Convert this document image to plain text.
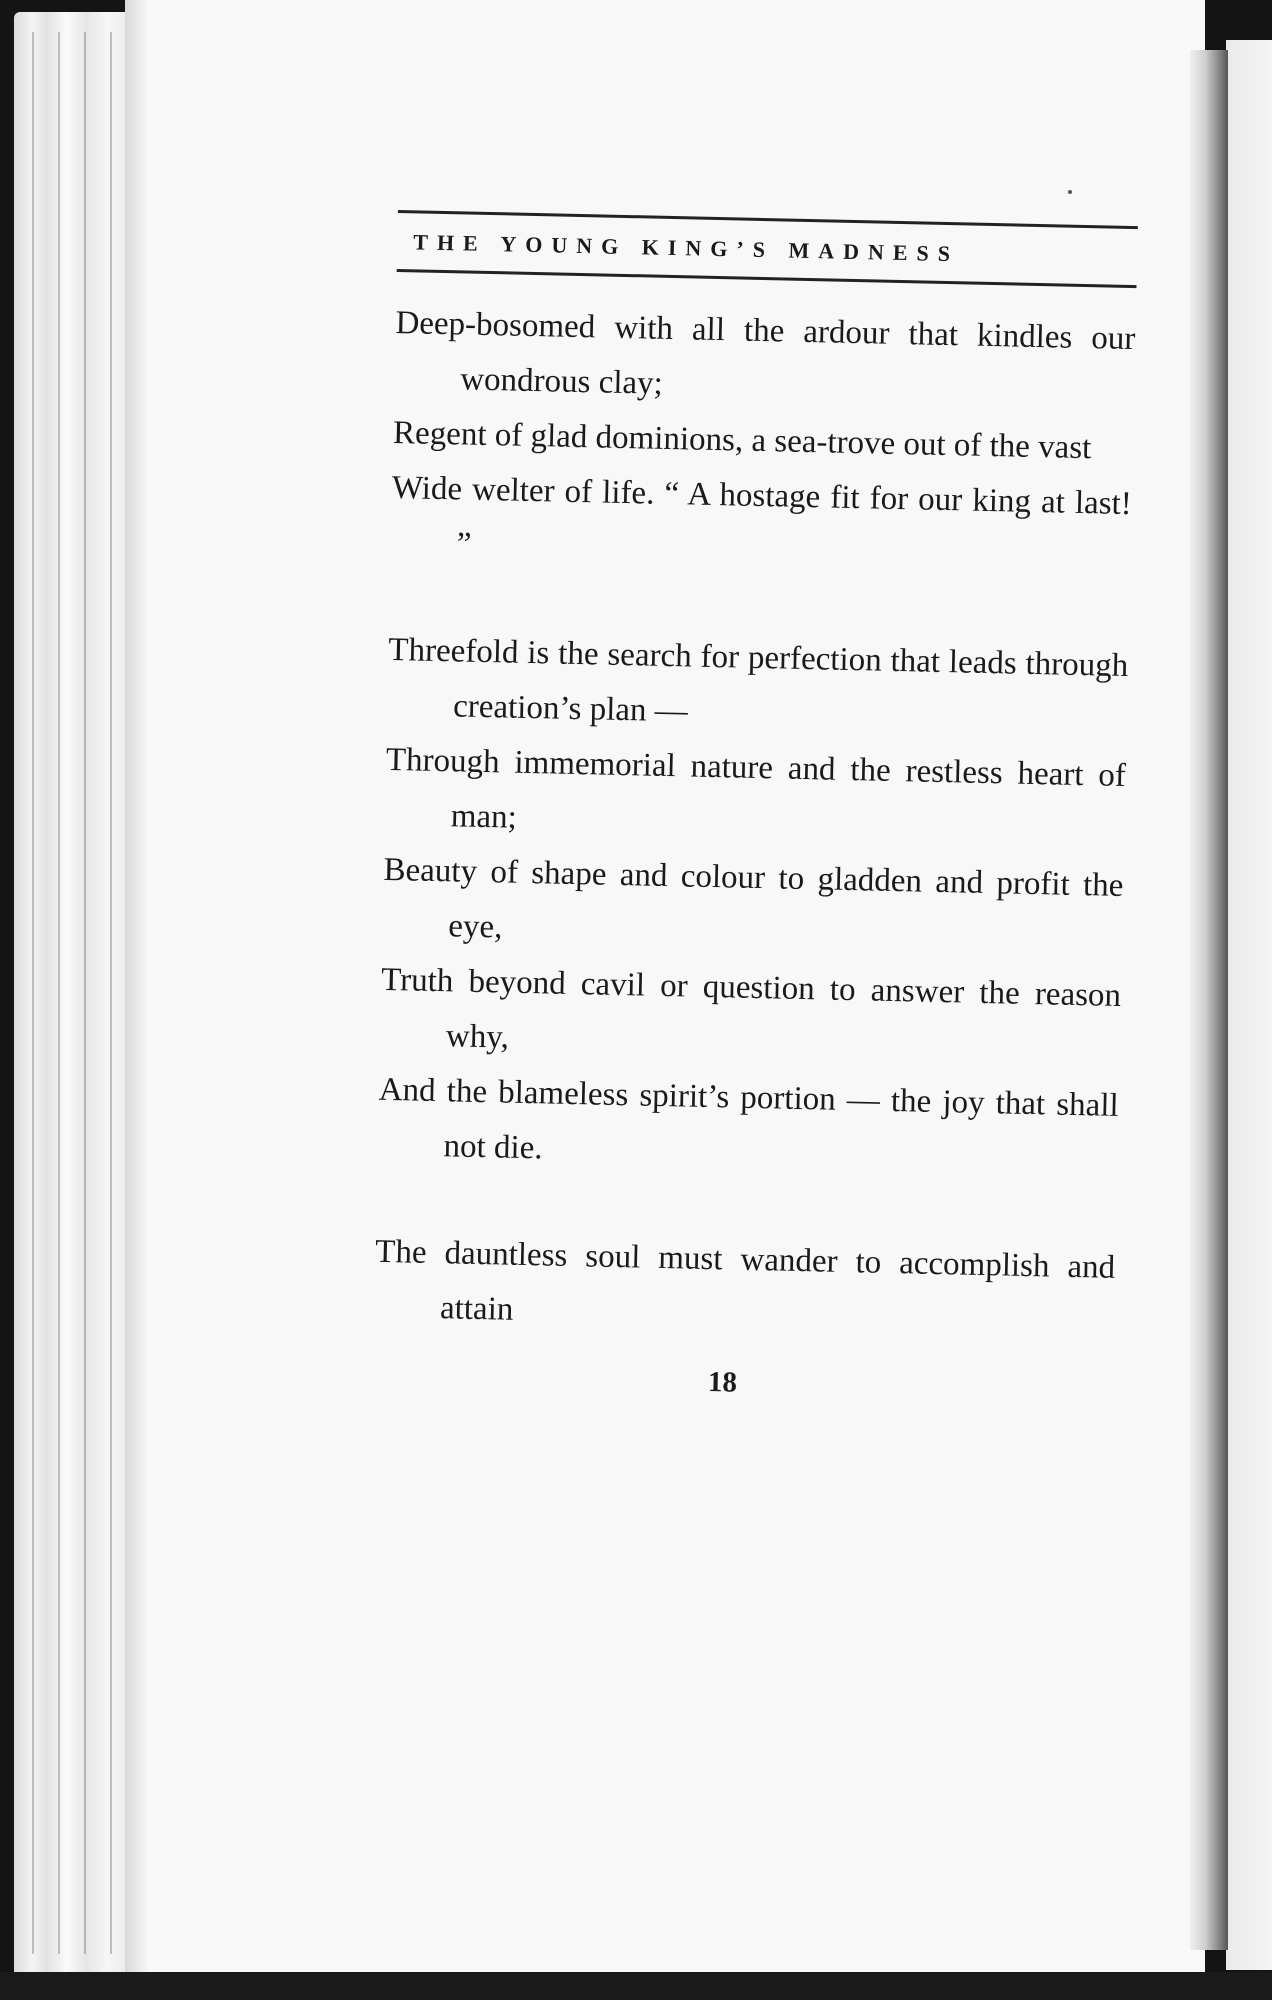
THE YOUNG KING’S MADNESS
Deep-bosomed with all the ardour that kindles our wondrous clay;
Regent of glad dominions, a sea-trove out of the vast
Wide welter of life. “ A hostage fit for our king at last! ”
Threefold is the search for perfection that leads through creation’s plan —
Through immemorial nature and the restless heart of man;
Beauty of shape and colour to gladden and profit the eye,
Truth beyond cavil or question to answer the reason why,
And the blameless spirit’s portion — the joy that shall not die.
The dauntless soul must wander to accomplish and attain
18
